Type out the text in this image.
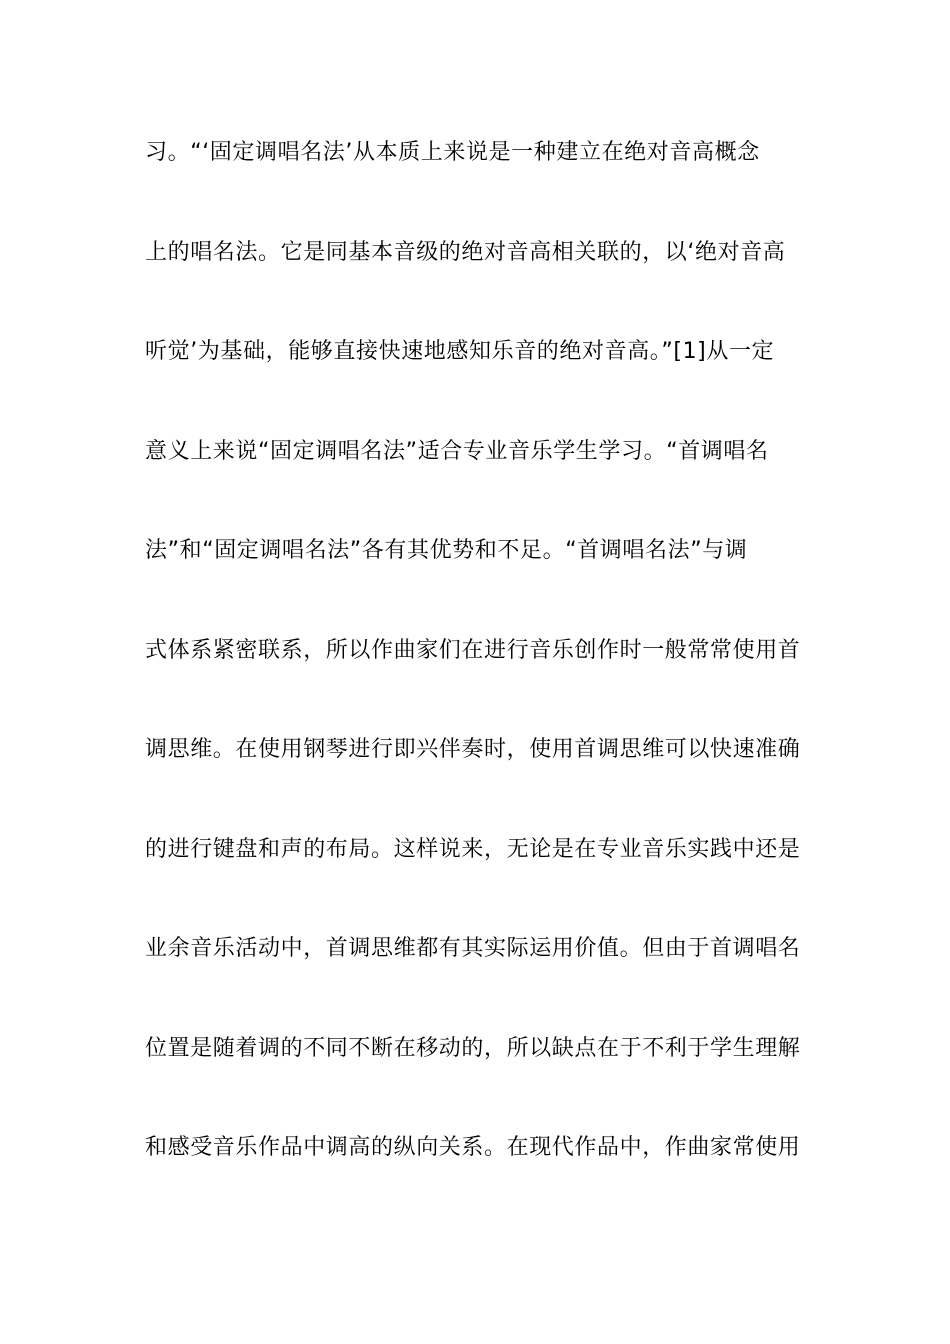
习。“‘固定调唱名法’从本质上来说是一种建立在绝对音高概念
上的唱名法。它是同基本音级的绝对音高相关联的，以‘绝对音高
听觉’为基础，能够直接快速地感知乐音的绝对音高。”[1]从一定
意义上来说“固定调唱名法”适合专业音乐学生学习。“首调唱名
法”和“固定调唱名法”各有其优势和不足。“首调唱名法”与调
式体系紧密联系，所以作曲家们在进行音乐创作时一般常常使用首
调思维。在使用钢琴进行即兴伴奏时，使用首调思维可以快速准确
的进行键盘和声的布局。这样说来，无论是在专业音乐实践中还是
业余音乐活动中，首调思维都有其实际运用价值。但由于首调唱名
位置是随着调的不同不断在移动的，所以缺点在于不利于学生理解
和感受音乐作品中调高的纵向关系。在现代作品中，作曲家常使用
